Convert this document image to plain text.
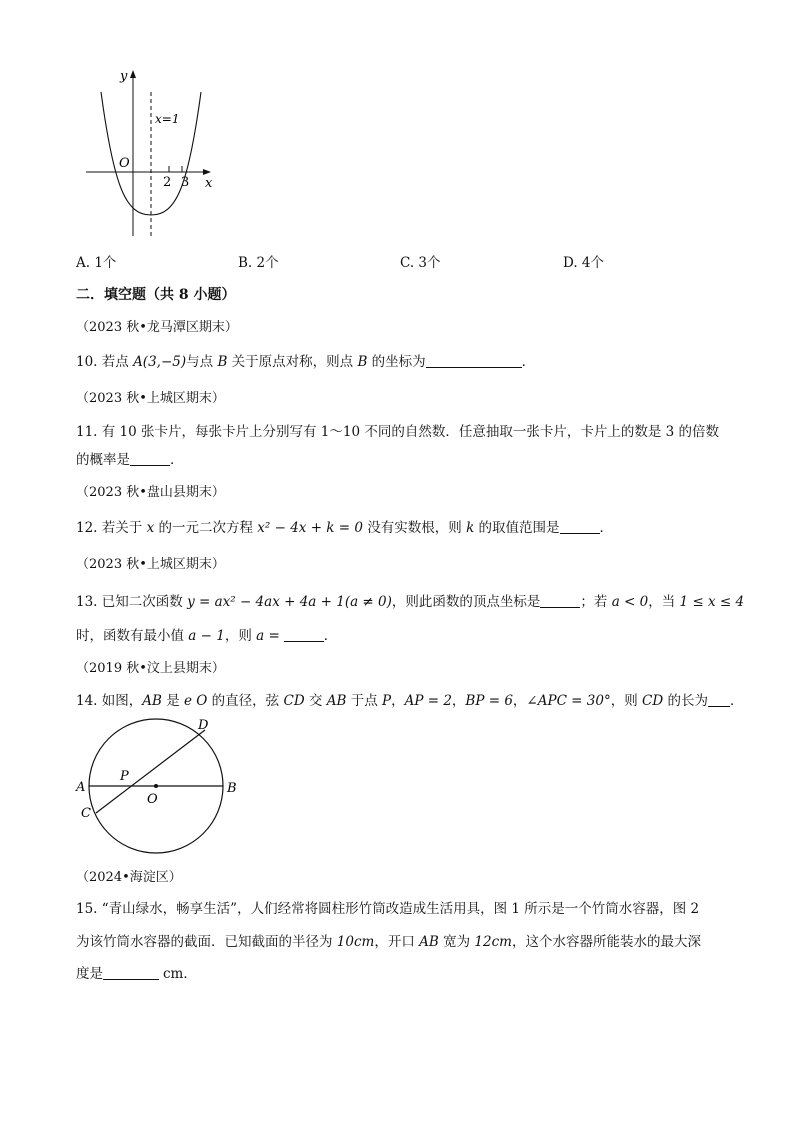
y
x=1
O
2 3 x
A. 1个	B. 2个	C. 3个	D. 4个
二．填空题（共 8 小题）
（2023 秋•龙马潭区期末）
10. 若点 A(3,−5)与点 B 关于原点对称，则点 B 的坐标为	．
（2023 秋•上城区期末）
11. 有 10 张卡片，每张卡片上分别写有 1～10 不同的自然数．任意抽取一张卡片，卡片上的数是 3 的倍数
的概率是	．
（2023 秋•盘山县期末）
12. 若关于 x 的一元二次方程 x² − 4x + k = 0 没有实数根，则 k 的取值范围是	．
（2023 秋•上城区期末）
13. 已知二次函数 y = ax² − 4ax + 4a + 1(a ≠ 0)，则此函数的顶点坐标是	；若 a < 0，当 1 ≤ x ≤ 4
时，函数有最小值 a − 1，则 a =	．
（2019 秋•汶上县期末）
14. 如图，AB 是 e O 的直径，弦 CD 交 AB 于点 P，AP = 2，BP = 6，∠APC = 30°，则 CD 的长为 ．
A	B
C
D
P
O
（2024•海淀区）
15. “青山绿水，畅享生活”，人们经常将圆柱形竹筒改造成生活用具，图 1 所示是一个竹筒水容器，图 2
为该竹筒水容器的截面．已知截面的半径为 10cm，开口 AB 宽为 12cm，这个水容器所能装水的最大深
度是	cm．
